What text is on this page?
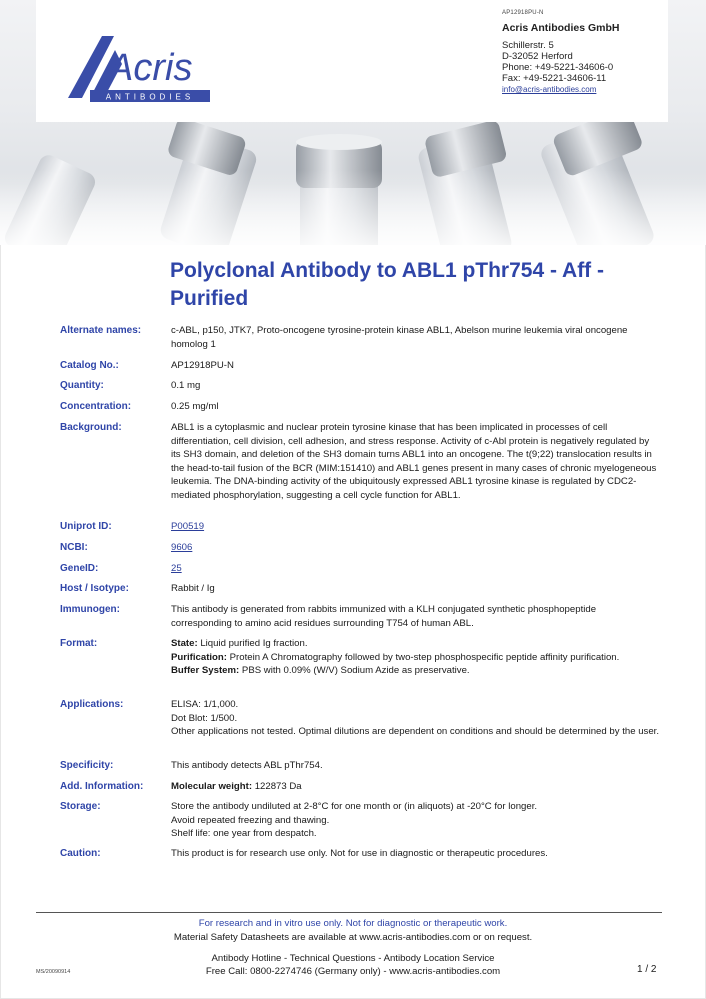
Acris
ANTIBODIES
AP12918PU-N
Acris Antibodies GmbH
Schillerstr. 5
D-32052 Herford
Phone: +49-5221-34606-0
Fax: +49-5221-34606-11
info@acris-antibodies.com
Polyclonal Antibody to ABL1 pThr754 - Aff - Purified
Alternate names:	c-ABL, p150, JTK7, Proto-oncogene tyrosine-protein kinase ABL1, Abelson murine leukemia viral oncogene homolog 1
Catalog No.:	AP12918PU-N
Quantity:	0.1 mg
Concentration:	0.25 mg/ml
Background:	ABL1 is a cytoplasmic and nuclear protein tyrosine kinase that has been implicated in processes of cell differentiation, cell division, cell adhesion, and stress response. Activity of c-Abl protein is negatively regulated by its SH3 domain, and deletion of the SH3 domain turns ABL1 into an oncogene. The t(9;22) translocation results in the head-to-tail fusion of the BCR (MIM:151410) and ABL1 genes present in many cases of chronic myelogeneous leukemia. The DNA-binding activity of the ubiquitously expressed ABL1 tyrosine kinase is regulated by CDC2-mediated phosphorylation, suggesting a cell cycle function for ABL1.
Uniprot ID:	P00519
NCBI:	9606
GeneID:	25
Host / Isotype:	Rabbit / Ig
Immunogen:	This antibody is generated from rabbits immunized with a KLH conjugated synthetic phosphopeptide corresponding to amino acid residues surrounding T754 of human ABL.
Format:	State: Liquid purified Ig fraction.
Purification: Protein A Chromatography followed by two-step phosphospecific peptide affinity purification.
Buffer System: PBS with 0.09% (W/V) Sodium Azide as preservative.
Applications:	ELISA: 1/1,000.
Dot Blot: 1/500.
Other applications not tested. Optimal dilutions are dependent on conditions and should be determined by the user.
Specificity:	This antibody detects ABL pThr754.
Add. Information:	Molecular weight: 122873 Da
Storage:	Store the antibody undiluted at 2-8°C for one month or (in aliquots) at -20°C for longer.
Avoid repeated freezing and thawing.
Shelf life: one year from despatch.
Caution:	This product is for research use only. Not for use in diagnostic or therapeutic procedures.
For research and in vitro use only. Not for diagnostic or therapeutic work.
Material Safety Datasheets are available at www.acris-antibodies.com or on request.
Antibody Hotline - Technical Questions - Antibody Location Service
Free Call: 0800-2274746 (Germany only) - www.acris-antibodies.com
MS/20090914	1 / 2
